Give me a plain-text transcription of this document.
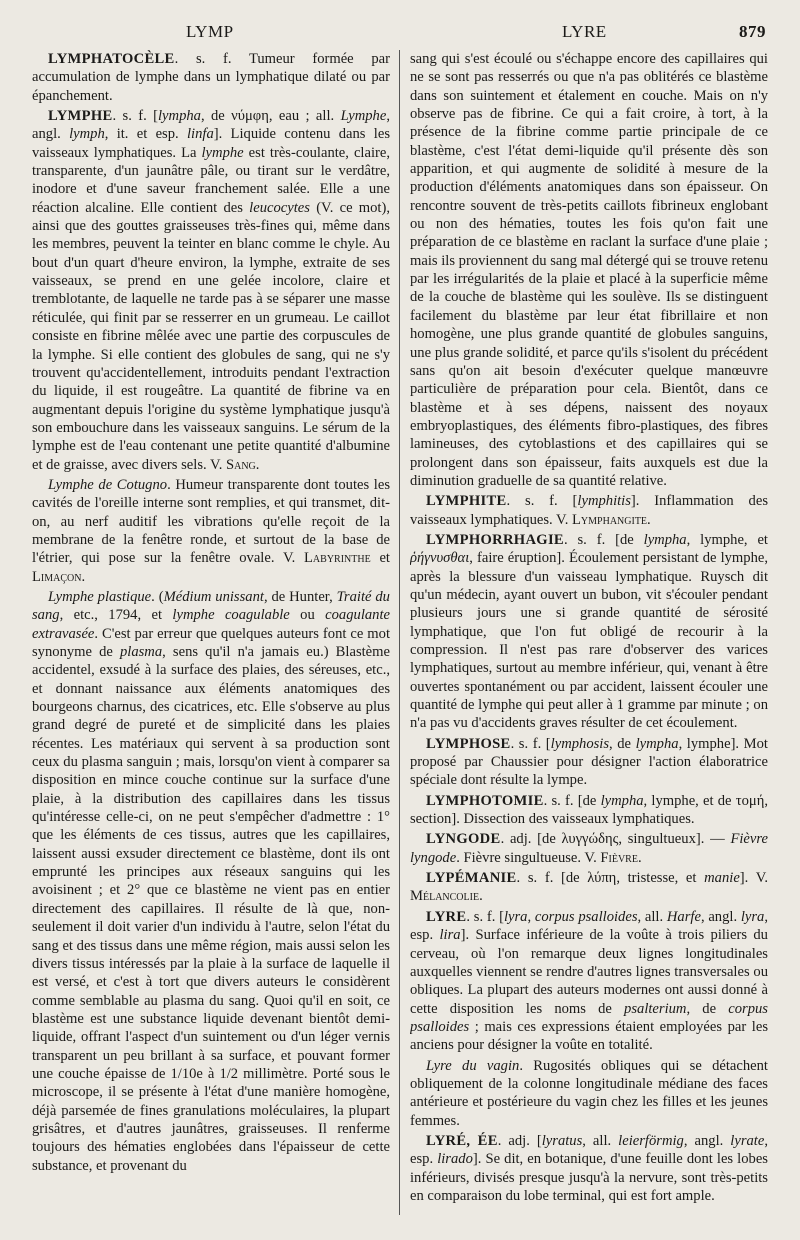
LYMP	LYRE	879

LYMPHATOCÈLE. s. f. Tumeur formée par accumulation de lymphe dans un lymphatique dilaté ou par épanchement.

LYMPHE. s. f. [lympha, de νύμφη, eau ; all. Lymphe, angl. lymph, it. et esp. linfa]. Liquide contenu dans les vaisseaux lymphatiques. La lymphe est très-coulante, claire, transparente, d'un jaunâtre pâle, ou tirant sur le verdâtre, inodore et d'une saveur franchement salée. Elle a une réaction alcaline. Elle contient des leucocytes (V. ce mot), ainsi que des gouttes graisseuses très-fines qui, même dans les membres, peuvent la teinter en blanc comme le chyle. Au bout d'un quart d'heure environ, la lymphe, extraite de ses vaisseaux, se prend en une gelée incolore, claire et tremblotante, de laquelle ne tarde pas à se séparer une masse réticulée, qui finit par se resserrer en un grumeau. Le caillot consiste en fibrine mêlée avec une partie des corpuscules de la lymphe. Si elle contient des globules de sang, qui ne s'y trouvent qu'accidentellement, introduits pendant l'extraction du liquide, il est rougeâtre. La quantité de fibrine va en augmentant depuis l'origine du système lymphatique jusqu'à son embouchure dans les vaisseaux sanguins. Le sérum de la lymphe est de l'eau contenant une petite quantité d'albumine et de graisse, avec divers sels. V. Sang.

Lymphe de Cotugno. Humeur transparente dont toutes les cavités de l'oreille interne sont remplies, et qui transmet, dit-on, au nerf auditif les vibrations qu'elle reçoit de la membrane de la fenêtre ronde, et surtout de la base de l'étrier, qui pose sur la fenêtre ovale. V. Labyrinthe et Limaçon.

Lymphe plastique. (Médium unissant, de Hunter, Traité du sang, etc., 1794, et lymphe coagulable ou coagulante extravasée. C'est par erreur que quelques auteurs font ce mot synonyme de plasma, sens qu'il n'a jamais eu.) Blastème accidentel, exsudé à la surface des plaies, des séreuses, etc., et donnant naissance aux éléments anatomiques des bourgeons charnus, des cicatrices, etc. Elle s'observe au plus grand degré de pureté et de simplicité dans les plaies récentes. Les matériaux qui servent à sa production sont ceux du plasma sanguin ; mais, lorsqu'on vient à comparer sa disposition en mince couche continue sur la surface d'une plaie, à la distribution des capillaires dans les tissus qu'intéresse celle-ci, on ne peut s'empêcher d'admettre : 1° que les éléments de ces tissus, autres que les capillaires, laissent aussi exsuder directement ce blastème, dont ils ont emprunté les principes aux réseaux sanguins qui les avoisinent ; et 2° que ce blastème ne vient pas en entier directement des capillaires. Il résulte de là que, non-seulement il doit varier d'un individu à l'autre, selon l'état du sang et des tissus dans une même région, mais aussi selon les divers tissus intéressés par la plaie à la surface de laquelle il est versé, et c'est à tort que divers auteurs le considèrent comme semblable au plasma du sang. Quoi qu'il en soit, ce blastème est une substance liquide devenant bientôt demi-liquide, offrant l'aspect d'un suintement ou d'un léger vernis transparent un peu brillant à sa surface, et pouvant former une couche épaisse de 1/10e à 1/2 millimètre. Porté sous le microscope, il se présente à l'état d'une manière homogène, déjà parsemée de fines granulations moléculaires, la plupart grisâtres, et d'autres jaunâtres, graisseuses. Il renferme toujours des hématies englobées dans l'épaisseur de cette substance, et provenant du

sang qui s'est écoulé ou s'échappe encore des capillaires qui ne se sont pas resserrés ou que n'a pas oblitérés ce blastème dans son suintement et étalement en couche. Mais on n'y observe pas de fibrine. Ce qui a fait croire, à tort, à la présence de la fibrine comme partie principale de ce blastème, c'est l'état demi-liquide qu'il présente dès son apparition, et qui augmente de solidité à mesure de la production d'éléments anatomiques dans son épaisseur. On rencontre souvent de très-petits caillots fibrineux englobant ou non des hématies, toutes les fois qu'on fait une préparation de ce blastème en raclant la surface d'une plaie ; mais ils proviennent du sang mal détergé qui se trouve retenu par les irrégularités de la plaie et placé à la superficie même de la couche de blastème qui les soulève. Ils se distinguent facilement du blastème par leur état fibrillaire et non homogène, une plus grande quantité de globules sanguins, une plus grande solidité, et parce qu'ils s'isolent du précédent sans qu'on ait besoin d'exécuter quelque manœuvre particulière de préparation pour cela. Bientôt, dans ce blastème et à ses dépens, naissent des noyaux embryoplastiques, des éléments fibro-plastiques, des fibres lamineuses, des cytoblastions et des capillaires qui se prolongent dans son épaisseur, faits auxquels est due la diminution graduelle de sa quantité relative.

LYMPHITE. s. f. [lymphitis]. Inflammation des vaisseaux lymphatiques. V. Lymphangite.

LYMPHORRHAGIE. s. f. [de lympha, lymphe, et ῥήγνυσθαι, faire éruption]. Écoulement persistant de lymphe, après la blessure d'un vaisseau lymphatique. Ruysch dit qu'un médecin, ayant ouvert un bubon, vit s'écouler pendant plusieurs jours une si grande quantité de sérosité lymphatique, que l'on fut obligé de recourir à la compression. Il n'est pas rare d'observer des varices lymphatiques, surtout au membre inférieur, qui, venant à être ouvertes spontanément ou par accident, laissent écouler une quantité de lymphe qui peut aller à 1 gramme par minute ; on n'a pas vu d'accidents graves résulter de cet écoulement.

LYMPHOSE. s. f. [lymphosis, de lympha, lymphe]. Mot proposé par Chaussier pour désigner l'action élaboratrice spéciale dont résulte la lympe.

LYMPHOTOMIE. s. f. [de lympha, lymphe, et de τομή, section]. Dissection des vaisseaux lymphatiques.

LYNGODE. adj. [de λυγγώδης, singultueux]. — Fièvre lyngode. Fièvre singultueuse. V. Fièvre.

LYPÉMANIE. s. f. [de λύπη, tristesse, et manie]. V. Mélancolie.

LYRE. s. f. [lyra, corpus psalloides, all. Harfe, angl. lyra, esp. lira]. Surface inférieure de la voûte à trois piliers du cerveau, où l'on remarque deux lignes longitudinales auxquelles viennent se rendre d'autres lignes transversales ou obliques. La plupart des auteurs modernes ont aussi donné à cette disposition les noms de psalterium, de corpus psalloides ; mais ces expressions étaient employées par les anciens pour désigner la voûte en totalité.

Lyre du vagin. Rugosités obliques qui se détachent obliquement de la colonne longitudinale médiane des faces antérieure et postérieure du vagin chez les filles et les jeunes femmes.

LYRÉ, ÉE. adj. [lyratus, all. leierförmig, angl. lyrate, esp. lirado]. Se dit, en botanique, d'une feuille dont les lobes inférieurs, divisés presque jusqu'à la nervure, sont très-petits en comparaison du lobe terminal, qui est fort ample.
